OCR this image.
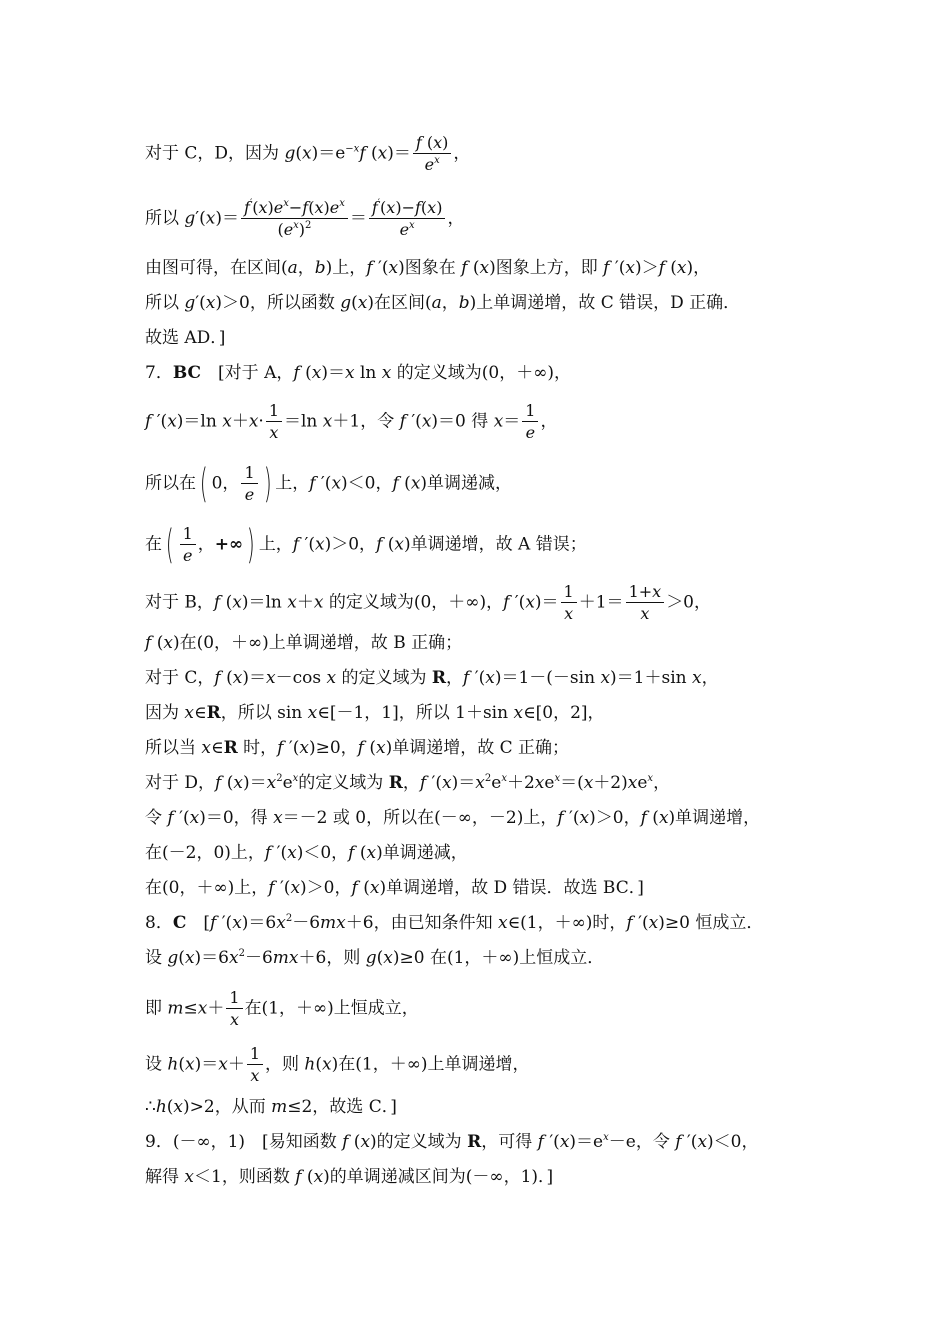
对于 C，D，因为 $g(x)=e^{-x}f$ $(x)= \frac{f (x)}{e^x}$ ，
所以 $g'(x)= \frac{f'(x)e^x-f(x)e^x}{(e^x)^2} = \frac{f'(x)-f(x)}{e^x}$ ，
由图可得，在区间(a，b)上，f ′(x)图象在 f (x)图象上方，即 f ′(x)＞f (x)，
所以 g′(x)＞0，所以函数 g(x)在区间(a，b)上单调递增，故 C 错误，D 正确．
故选 AD．]
7．BC　[对于 A，f (x)＝x ln x 的定义域为(0，＋∞)，
f ′(x)＝ln $x+x\cdot \frac{1}{x} =\ln$ x＋1，令 f ′(x)＝0 得 $x= \frac{1}{e}$ ，
所以在( 0， $\frac{1}{e}$ ) 上，f ′(x)＜0，f (x)单调递减，
在( $\frac{1}{e}$ ，+∞) 上，f ′(x)＞0，f (x)单调递增，故 A 错误；
对于 B，f (x)＝ln x＋x 的定义域为(0，＋∞)，f $'(x)= \frac{1}{x} +1= \frac{1+x}{x} >0$，
f (x)在(0，＋∞)上单调递增，故 B 正确；
对于 C，f (x)＝x－cos x 的定义域为 R，f ′(x)＝1－(－sin x)＝1＋sin x，
因为 x∈R，所以 sin x∈[－1，1]，所以 1＋sin x∈[0，2]，
所以当 x∈R 时，f ′(x)≥0，f (x)单调递增，故 C 正确；
对于 D，f $(x)=x^2e^x$的定义域为 R，f $'(x)=x^2e^x+2xe^x=(x+2)xe^x$，
令 f ′(x)＝0，得 x＝－2 或 0，所以在(－∞，－2)上，f ′(x)＞0，f (x)单调递增，
在(－2，0)上，f ′(x)＜0，f (x)单调递减，
在(0，＋∞)上，f ′(x)＞0，f (x)单调递增，故 D 错误．故选 BC．]
8．C　[f $'(x)=6x^2-6mx+6$，由已知条件知 x∈(1，＋∞)时，f ′(x)≥0 恒成立．
设 $g(x)=6x^2-6mx+6$，则 g(x)≥0 在(1，＋∞)上恒成立．
即 $m\le x+ \frac{1}{x}$ 在(1，＋∞)上恒成立，
设 $h(x)=x+ \frac{1}{x}$ ，则 h(x)在(1，＋∞)上单调递增，
∴h(x)>2，从而 m≤2，故选 C．]
9．(－∞，1)　[易知函数 f (x)的定义域为 R，可得 f $'(x)=e^x-e$，令 f ′(x)＜0，
解得 x＜1，则函数 f (x)的单调递减区间为(－∞，1)．]
